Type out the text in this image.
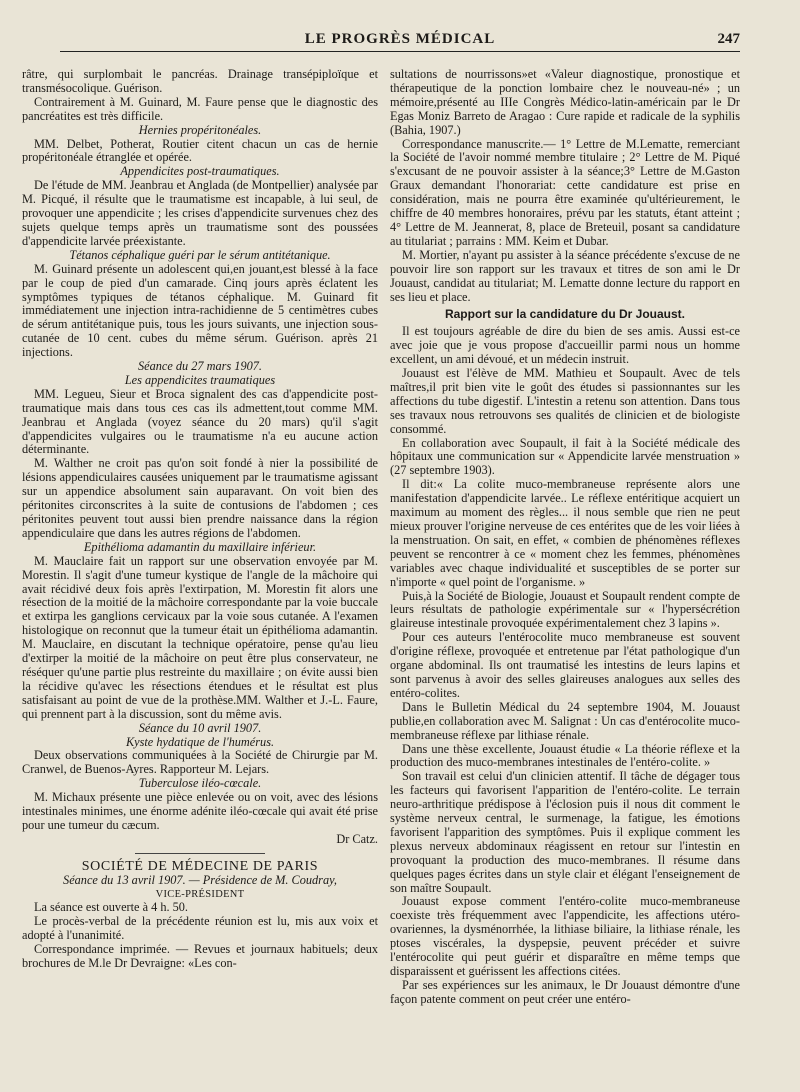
LE PROGRÈS MÉDICAL	247

râtre, qui surplombait le pancréas. Drainage transépiploïque et transmésocolique. Guérison.

Contrairement à M. Guinard, M. Faure pense que le diagnostic des pancréatites est très difficile.

Hernies propéritonéales.

MM. Delbet, Potherat, Routier citent chacun un cas de hernie propéritonéale étranglée et opérée.

Appendicites post-traumatiques.

De l'étude de MM. Jeanbrau et Anglada (de Montpellier) analysée par M. Picqué, il résulte que le traumatisme est incapable, à lui seul, de provoquer une appendicite ; les crises d'appendicite survenues chez des sujets quelque temps après un traumatisme sont des poussées d'appendicite larvée préexistante.

Tétanos céphalique guéri par le sérum antitétanique.

M. Guinard présente un adolescent qui,en jouant,est blessé à la face par le coup de pied d'un camarade. Cinq jours après éclatent les symptômes typiques de tétanos céphalique. M. Guinard fit immédiatement une injection intra-rachidienne de 5 centimètres cubes de sérum antitétanique puis, tous les jours suivants, une injection sous-cutanée de 10 cent. cubes du même sérum. Guérison. après 21 injections.

Séance du 27 mars 1907.

Les appendicites traumatiques

MM. Legueu, Sieur et Broca signalent des cas d'appendicite post-traumatique mais dans tous ces cas ils admettent,tout comme MM. Jeanbrau et Anglada (voyez séance du 20 mars) qu'il s'agit d'appendicites vulgaires ou le traumatisme n'a eu aucune action déterminante.

M. Walther ne croit pas qu'on soit fondé à nier la possibilité de lésions appendiculaires causées uniquement par le traumatisme agissant sur un appendice absolument sain auparavant. On voit bien des péritonites circonscrites à la suite de contusions de l'abdomen ; ces péritonites peuvent tout aussi bien prendre naissance dans la région appendiculaire que dans les autres régions de l'abdomen.

Epithélioma adamantin du maxillaire inférieur.

M. Mauclaire fait un rapport sur une observation envoyée par M. Morestin. Il s'agit d'une tumeur kystique de l'angle de la mâchoire qui avait récidivé deux fois après l'extirpation, M. Morestin fit alors une résection de la moitié de la mâchoire correspondante par la voie buccale et extirpa les ganglions cervicaux par la voie sous cutanée. A l'examen histologique on reconnut que la tumeur était un épithélioma adamantin. M. Mauclaire, en discutant la technique opératoire, pense qu'au lieu d'extirper la moitié de la mâchoire on peut être plus conservateur, ne réséquer qu'une partie plus restreinte du maxillaire ; on évite aussi bien la récidive qu'avec les résections étendues et le résultat est plus satisfaisant au point de vue de la prothèse.MM. Walther et J.-L. Faure, qui prennent part à la discussion, sont du même avis.

Séance du 10 avril 1907.

Kyste hydatique de l'humérus.

Deux observations communiquées à la Société de Chirurgie par M. Cranwel, de Buenos-Ayres. Rapporteur M. Lejars.

Tuberculose iléo-cœcale.

M. Michaux présente une pièce enlevée ou on voit, avec des lésions intestinales minimes, une énorme adénite iléo-cœcale qui avait été prise pour une tumeur du cæcum.

Dr Catz.

SOCIÉTÉ DE MÉDECINE DE PARIS

Séance du 13 avril 1907. — Présidence de M. Coudray,

VICE-PRÉSIDENT

La séance est ouverte à 4 h. 50.

Le procès-verbal de la précédente réunion est lu, mis aux voix et adopté à l'unanimité.

Correspondance imprimée. — Revues et journaux habituels; deux brochures de M.le Dr Devraigne: «Les con-

sultations de nourrissons»et «Valeur diagnostique, pronostique et thérapeutique de la ponction lombaire chez le nouveau-né» ; un mémoire,présenté au IIIe Congrès Médico-latin-américain par le Dr Egas Moniz Barreto de Aragao : Cure rapide et radicale de la syphilis (Bahia, 1907.)

Correspondance manuscrite.— 1° Lettre de M.Lematte, remerciant la Société de l'avoir nommé membre titulaire ; 2° Lettre de M. Piqué s'excusant de ne pouvoir assister à la séance;3° Lettre de M.Gaston Graux demandant l'honorariat: cette candidature est prise en considération, mais ne pourra être examinée qu'ultérieurement, le chiffre de 40 membres honoraires, prévu par les statuts, étant atteint ; 4° Lettre de M. Jeannerat, 8, place de Breteuil, posant sa candidature au titulariat ; parrains : MM. Keim et Dubar.

M. Mortier, n'ayant pu assister à la séance précédente s'excuse de ne pouvoir lire son rapport sur les travaux et titres de son ami le Dr Jouaust, candidat au titulariat; M. Lematte donne lecture du rapport en ses lieu et place.

Rapport sur la candidature du Dr Jouaust.

Il est toujours agréable de dire du bien de ses amis. Aussi est-ce avec joie que je vous propose d'accueillir parmi nous un homme excellent, un ami dévoué, et un médecin instruit.

Jouaust est l'élève de MM. Mathieu et Soupault. Avec de tels maîtres,il prit bien vite le goût des études si passionnantes sur les affections du tube digestif. L'intestin a retenu son attention. Dans tous ses travaux nous retrouvons ses qualités de clinicien et de biologiste consommé.

En collaboration avec Soupault, il fait à la Société médicale des hôpitaux une communication sur « Appendicite larvée menstruation » (27 septembre 1903).

Il dit:« La colite muco-membraneuse représente alors une manifestation d'appendicite larvée.. Le réflexe entéritique acquiert un maximum au moment des règles... il nous semble que rien ne peut mieux prouver l'origine nerveuse de ces entérites que de les voir liées à la menstruation. On sait, en effet, « combien de phénomènes réflexes peuvent se rencontrer à ce « moment chez les femmes, phénomènes variables avec chaque individualité et susceptibles de se porter sur n'importe « quel point de l'organisme. »

Puis,à la Société de Biologie, Jouaust et Soupault rendent compte de leurs résultats de pathologie expérimentale sur « l'hypersécrétion glaireuse intestinale provoquée expérimentalement chez 3 lapins ».

Pour ces auteurs l'entérocolite muco membraneuse est souvent d'origine réflexe, provoquée et entretenue par l'état pathologique d'un organe abdominal. Ils ont traumatisé les intestins de leurs lapins et sont parvenus à avoir des selles glaireuses analogues aux selles des entéro-colites.

Dans le Bulletin Médical du 24 septembre 1904, M. Jouaust publie,en collaboration avec M. Salignat : Un cas d'entérocolite muco-membraneuse réflexe par lithiase rénale.

Dans une thèse excellente, Jouaust étudie « La théorie réflexe et la production des muco-membranes intestinales de l'entéro-colite. »

Son travail est celui d'un clinicien attentif. Il tâche de dégager tous les facteurs qui favorisent l'apparition de l'entéro-colite. Le terrain neuro-arthritique prédispose à l'éclosion puis il nous dit comment le système nerveux central, le surmenage, la fatigue, les émotions favorisent l'apparition des symptômes. Puis il explique comment les plexus nerveux abdominaux réagissent en retour sur l'intestin en provoquant la production des muco-membranes. Il résume dans quelques pages écrites dans un style clair et élégant l'enseignement de son maître Soupault.

Jouaust expose comment l'entéro-colite muco-membraneuse coexiste très fréquemment avec l'appendicite, les affections utéro-ovariennes, la dysménorrhée, la lithiase biliaire, la lithiase rénale, les ptoses viscérales, la dyspepsie, peuvent précéder et suivre l'entérocolite qui peut guérir et disparaître en même temps que disparaissent et guérissent les affections citées.

Par ses expériences sur les animaux, le Dr Jouaust démontre d'une façon patente comment on peut créer une entéro-
